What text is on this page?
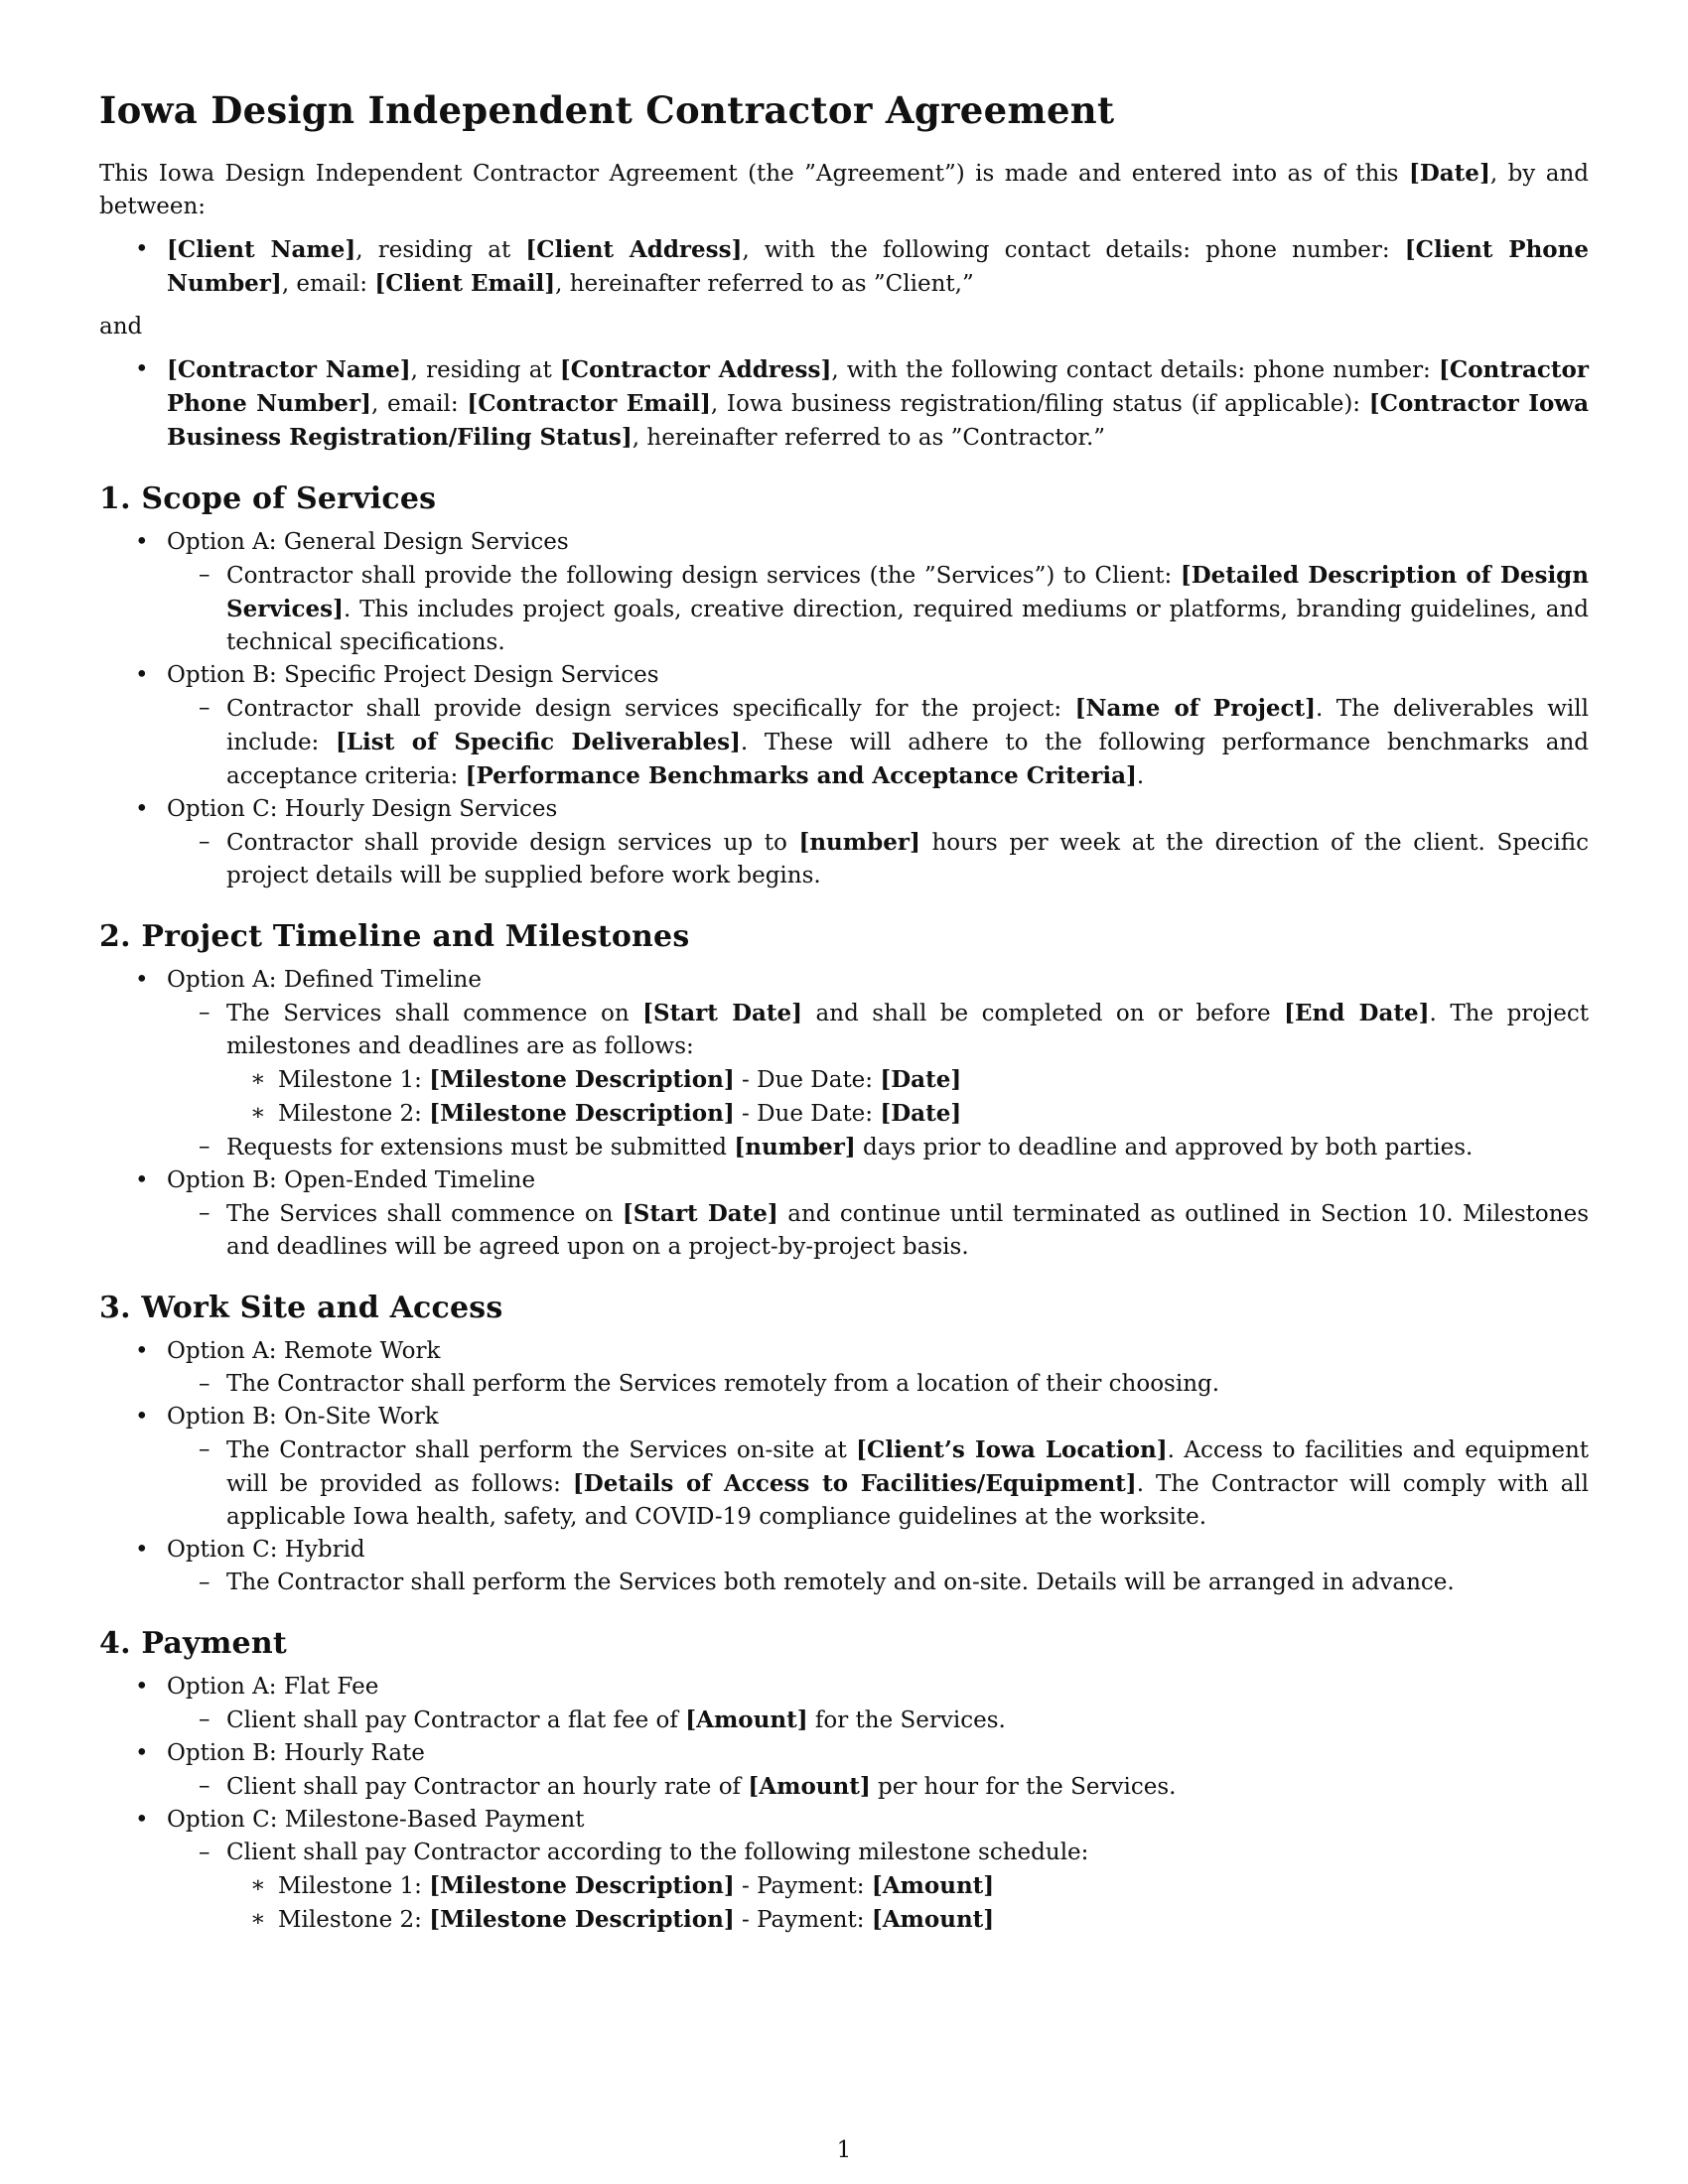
Iowa Design Independent Contractor Agreement

This Iowa Design Independent Contractor Agreement (the ”Agreement”) is made and entered into as of this [Date], by and between:

• [Client Name], residing at [Client Address], with the following contact details: phone number: [Client Phone Number], email: [Client Email], hereinafter referred to as ”Client,”

and

• [Contractor Name], residing at [Contractor Address], with the following contact details: phone number: [Contractor Phone Number], email: [Contractor Email], Iowa business registration/filing status (if applicable): [Contractor Iowa Business Registration/Filing Status], hereinafter referred to as ”Contractor.”
1. Scope of Services
• Option A: General Design Services
– Contractor shall provide the following design services (the ”Services”) to Client: [Detailed Description of Design Services]. This includes project goals, creative direction, required mediums or platforms, branding guidelines, and technical specifications.
• Option B: Specific Project Design Services
– Contractor shall provide design services specifically for the project: [Name of Project]. The deliverables will include: [List of Specific Deliverables]. These will adhere to the following performance benchmarks and acceptance criteria: [Performance Benchmarks and Acceptance Criteria].
• Option C: Hourly Design Services
– Contractor shall provide design services up to [number] hours per week at the direction of the client. Specific project details will be supplied before work begins.
2. Project Timeline and Milestones
• Option A: Defined Timeline
– The Services shall commence on [Start Date] and shall be completed on or before [End Date]. The project milestones and deadlines are as follows:
∗ Milestone 1: [Milestone Description] - Due Date: [Date]
∗ Milestone 2: [Milestone Description] - Due Date: [Date]
– Requests for extensions must be submitted [number] days prior to deadline and approved by both parties.
• Option B: Open-Ended Timeline
– The Services shall commence on [Start Date] and continue until terminated as outlined in Section 10. Milestones and deadlines will be agreed upon on a project-by-project basis.
3. Work Site and Access
• Option A: Remote Work
– The Contractor shall perform the Services remotely from a location of their choosing.
• Option B: On-Site Work
– The Contractor shall perform the Services on-site at [Client’s Iowa Location]. Access to facilities and equipment will be provided as follows: [Details of Access to Facilities/Equipment]. The Contractor will comply with all applicable Iowa health, safety, and COVID-19 compliance guidelines at the worksite.
• Option C: Hybrid
– The Contractor shall perform the Services both remotely and on-site. Details will be arranged in advance.
4. Payment
• Option A: Flat Fee
– Client shall pay Contractor a flat fee of [Amount] for the Services.
• Option B: Hourly Rate
– Client shall pay Contractor an hourly rate of [Amount] per hour for the Services.
• Option C: Milestone-Based Payment
– Client shall pay Contractor according to the following milestone schedule:
∗ Milestone 1: [Milestone Description] - Payment: [Amount]
∗ Milestone 2: [Milestone Description] - Payment: [Amount]
1
